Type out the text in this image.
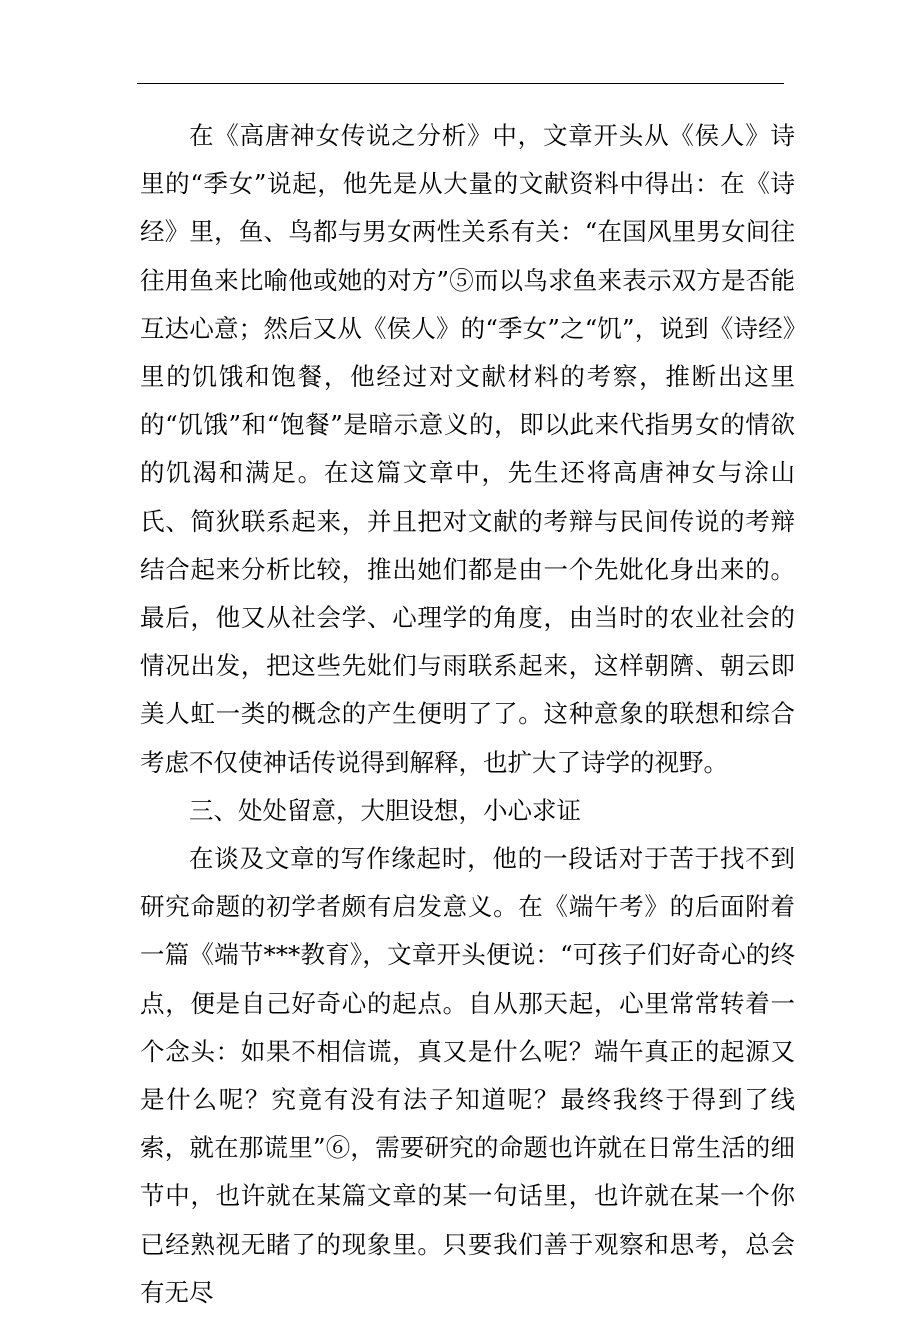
在《高唐神女传说之分析》中，文章开头从《侯人》诗里的“季女”说起，他先是从大量的文献资料中得出：在《诗经》里，鱼、鸟都与男女两性关系有关：“在国风里男女间往往用鱼来比喻他或她的对方”⑤而以鸟求鱼来表示双方是否能互达心意；然后又从《侯人》的“季女”之“饥”，说到《诗经》里的饥饿和饱餐，他经过对文献材料的考察，推断出这里的“饥饿”和“饱餐”是暗示意义的，即以此来代指男女的情欲的饥渴和满足。在这篇文章中，先生还将高唐神女与涂山氏、简狄联系起来，并且把对文献的考辩与民间传说的考辩结合起来分析比较，推出她们都是由一个先妣化身出来的。最后，他又从社会学、心理学的角度，由当时的农业社会的情况出发，把这些先妣们与雨联系起来，这样朝隮、朝云即美人虹一类的概念的产生便明了了。这种意象的联想和综合考虑不仅使神话传说得到解释，也扩大了诗学的视野。

三、处处留意，大胆设想，小心求证

在谈及文章的写作缘起时，他的一段话对于苦于找不到研究命题的初学者颇有启发意义。在《端午考》的后面附着一篇《端节***教育》，文章开头便说：“可孩子们好奇心的终点，便是自己好奇心的起点。自从那天起，心里常常转着一个念头：如果不相信谎，真又是什么呢？端午真正的起源又是什么呢？究竟有没有法子知道呢？最终我终于得到了线索，就在那谎里”⑥，需要研究的命题也许就在日常生活的细节中，也许就在某篇文章的某一句话里，也许就在某一个你已经熟视无睹了的现象里。只要我们善于观察和思考，总会有无尽
